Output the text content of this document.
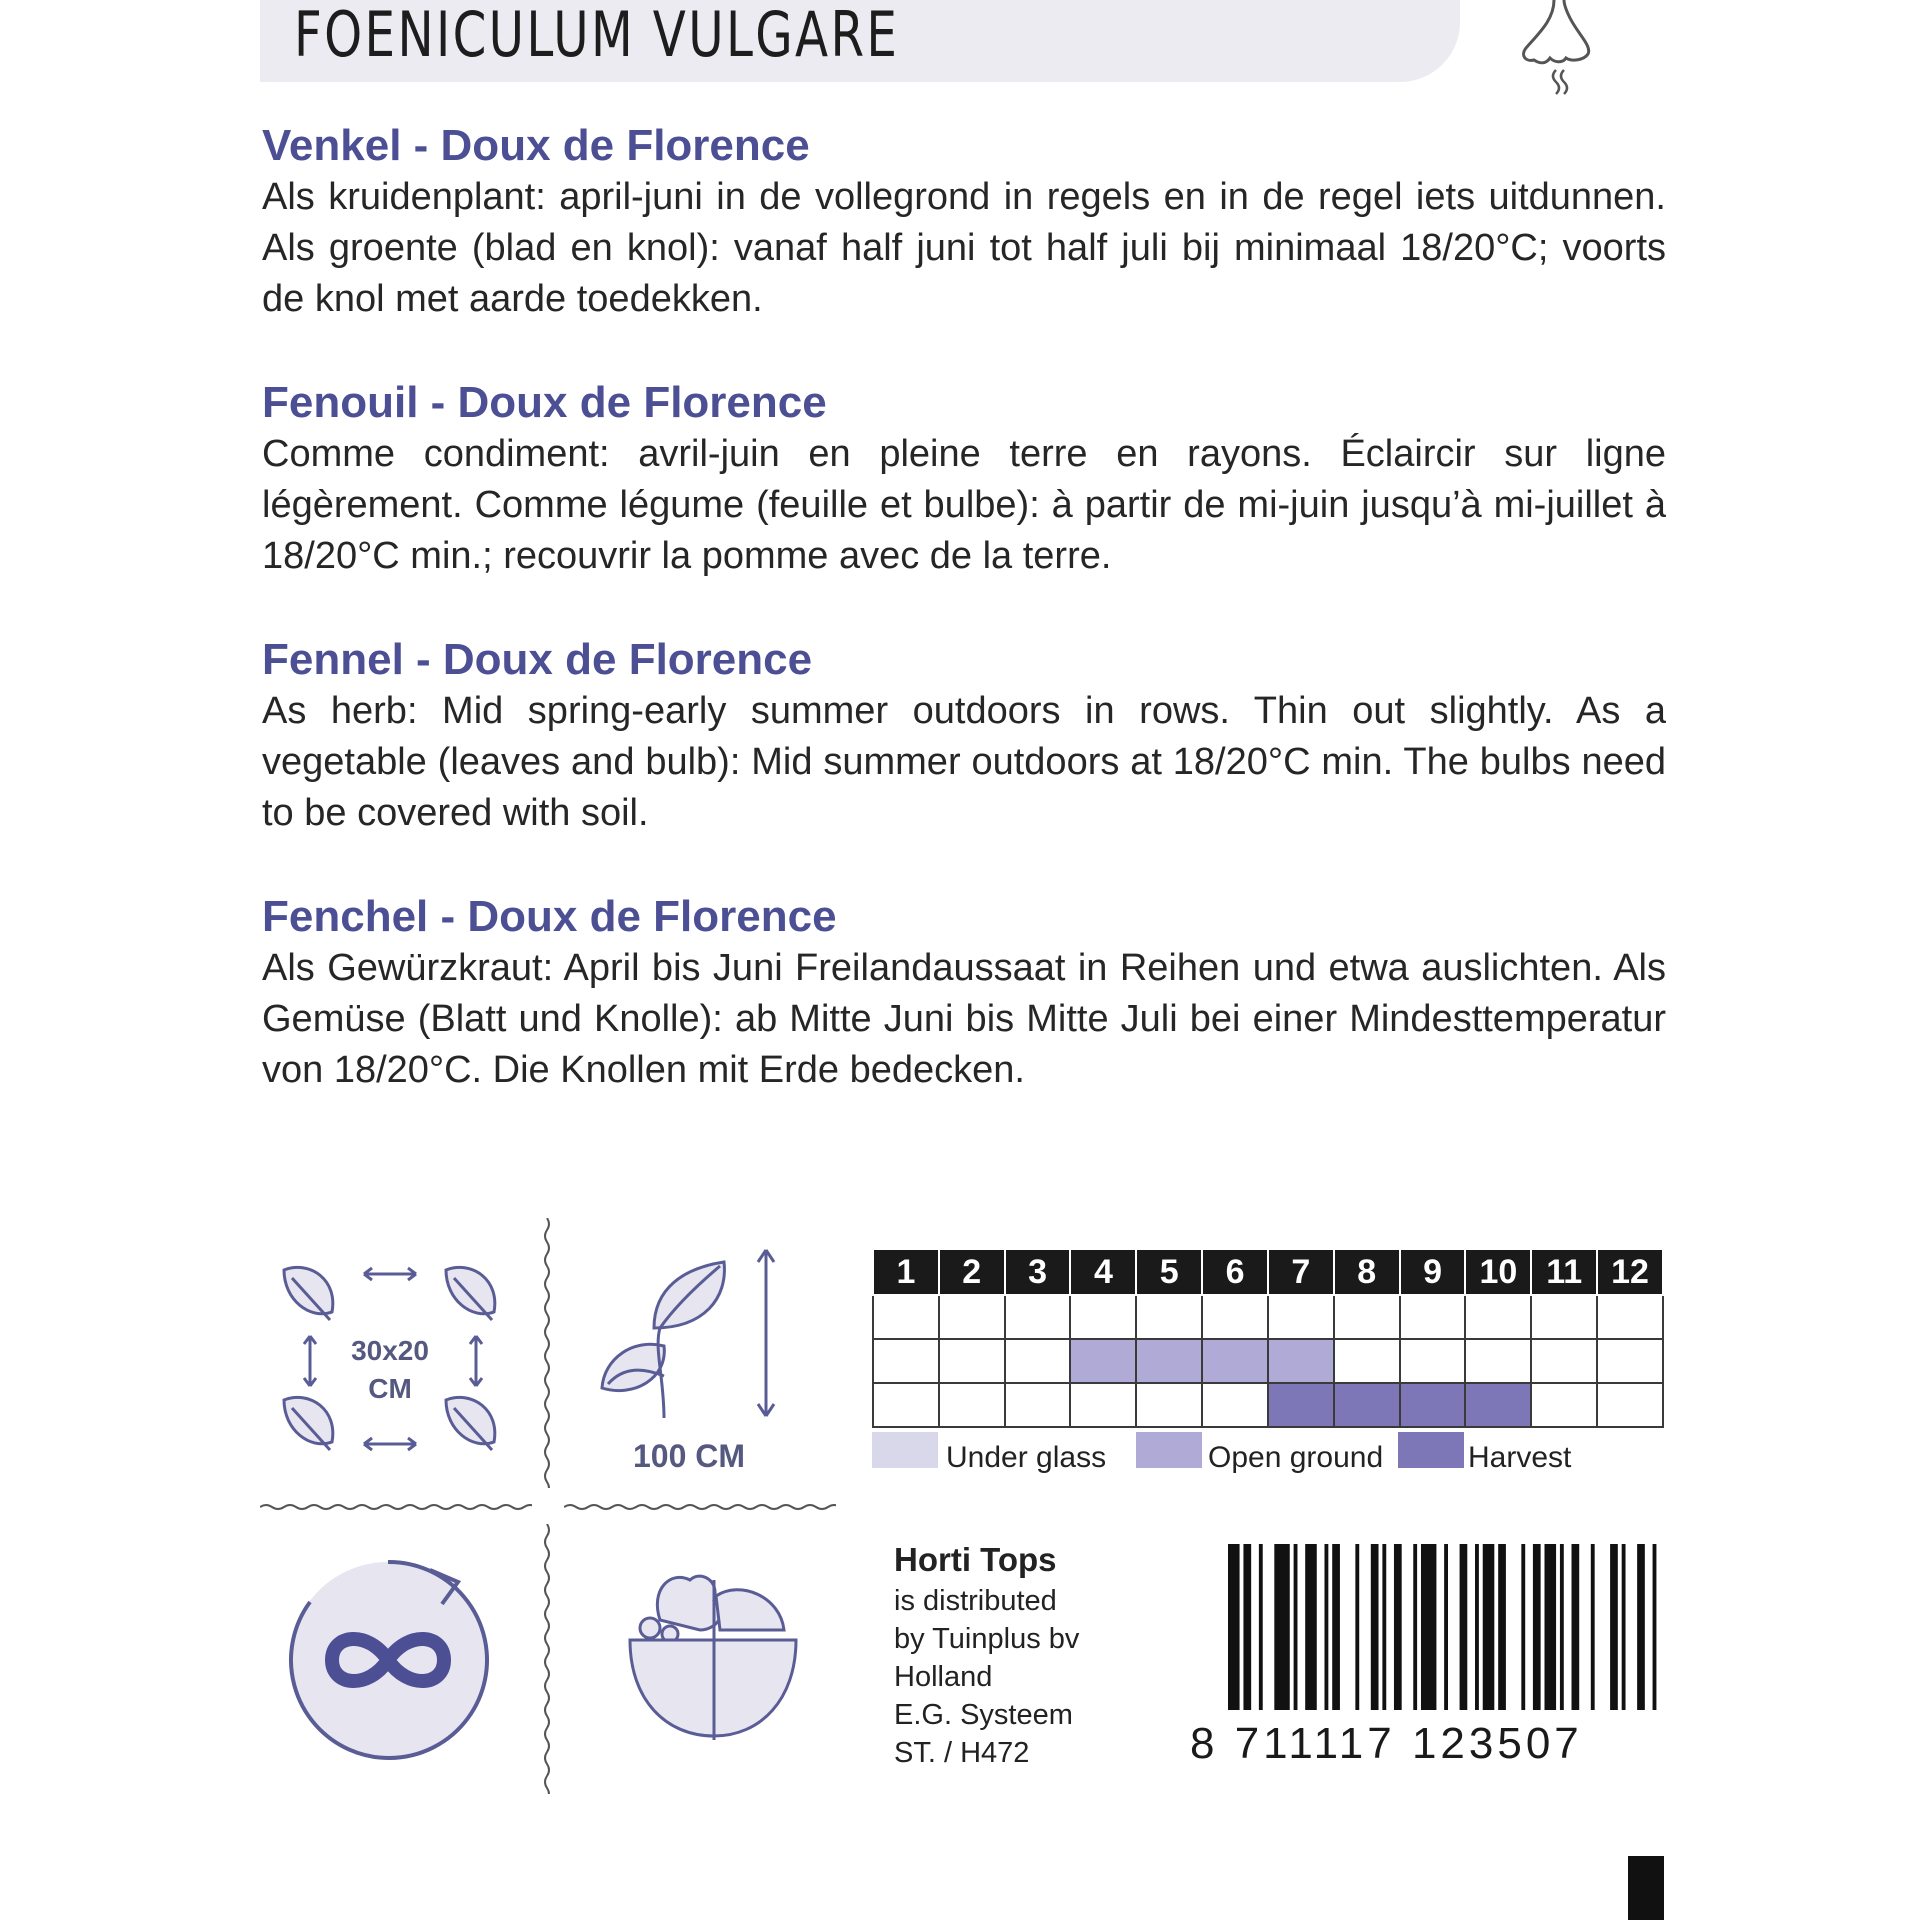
FOENICULUM VULGARE

Venkel - Doux de Florence

Als kruidenplant: april-juni in de vollegrond in regels en in de regel iets uitdunnen. Als groente (blad en knol): vanaf half juni tot half juli bij minimaal 18/20°C; voorts de knol met aarde toedekken.

Fenouil - Doux de Florence

Comme condiment: avril-juin en pleine terre en rayons. Éclaircir sur ligne légèrement. Comme légume (feuille et bulbe): à partir de mi-juin jusqu’à mi-juillet à 18/20°C min.; recouvrir la pomme avec de la terre.

Fennel - Doux de Florence

As herb: Mid spring-early summer outdoors in rows. Thin out slightly. As a vegetable (leaves and bulb): Mid summer outdoors at 18/20°C min. The bulbs need to be covered with soil.

Fenchel - Doux de Florence

Als Gewürzkraut: April bis Juni Freilandaussaat in Reihen und etwa auslichten. Als Gemüse (Blatt und Knolle): ab Mitte Juni bis Mitte Juli bei einer Mindesttemperatur von 18/20°C. Die Knollen mit Erde bedecken.

30x20
CM
100 CM
1	2	3	4	5	6	7	8	9	10	11	12

Under glass	Open ground	Harvest

Horti Tops

is distributed
by Tuinplus bv
Holland
E.G. Systeem
ST. / H472	8 711117 123507
